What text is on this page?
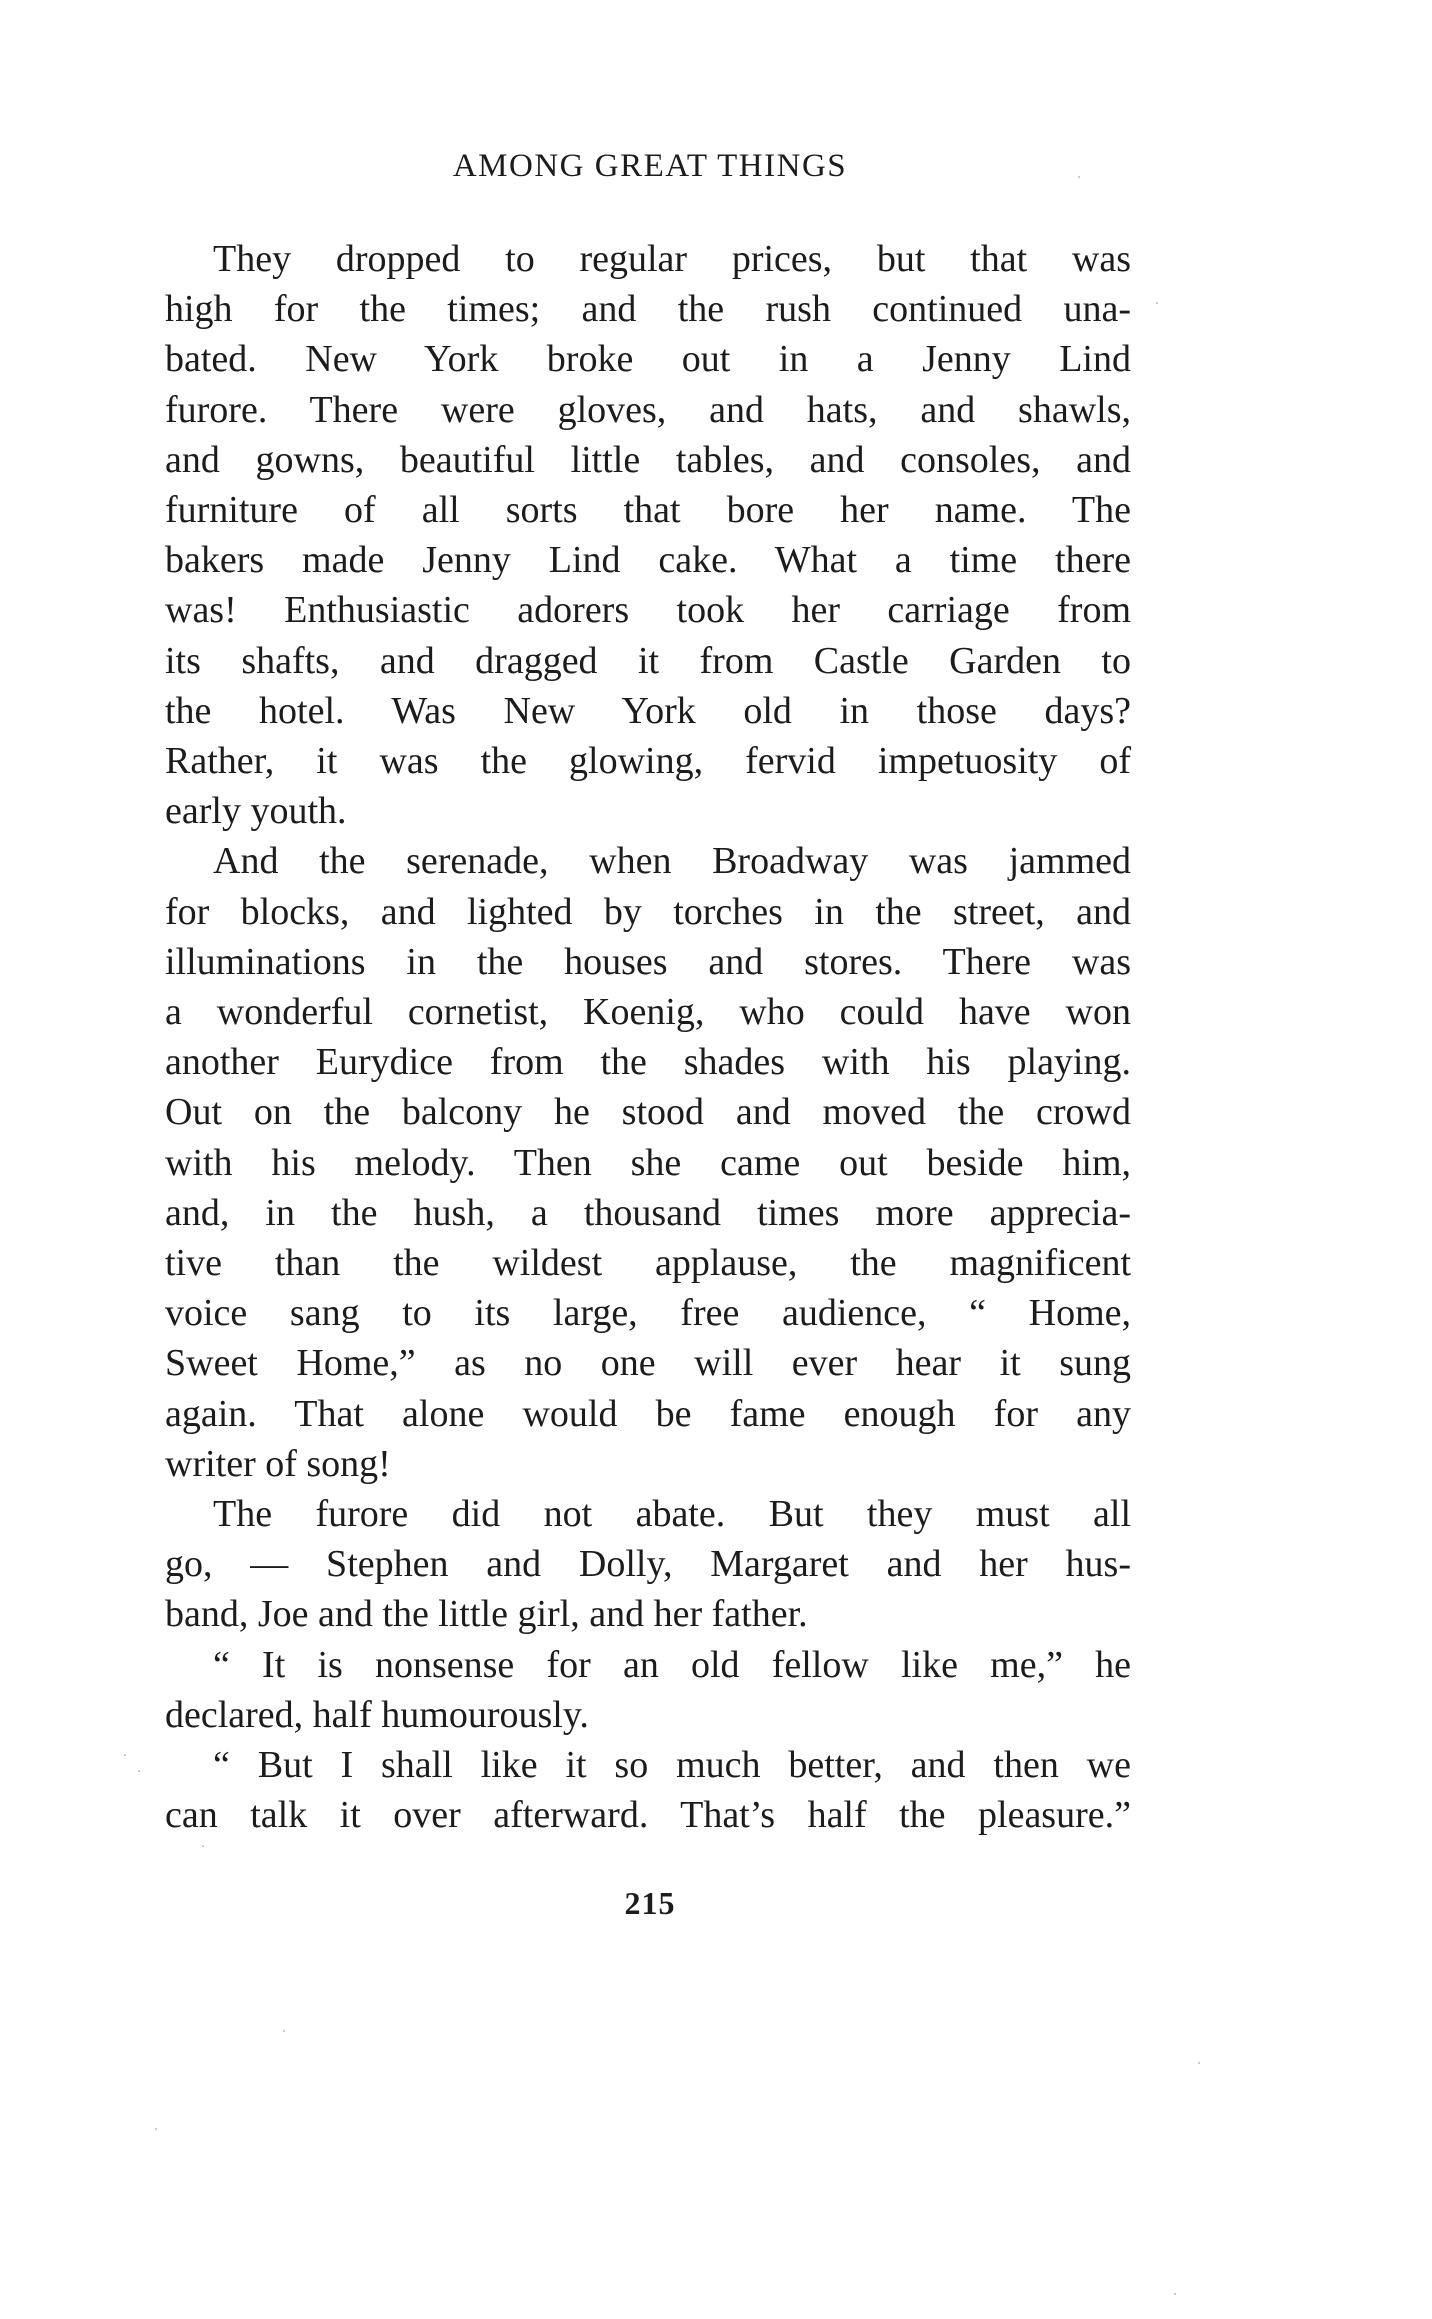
AMONG GREAT THINGS
They dropped to regular prices, but that was
high for the times; and the rush continued una-
bated. New York broke out in a Jenny Lind
furore. There were gloves, and hats, and shawls,
and gowns, beautiful little tables, and consoles, and
furniture of all sorts that bore her name. The
bakers made Jenny Lind cake. What a time there
was! Enthusiastic adorers took her carriage from
its shafts, and dragged it from Castle Garden to
the hotel. Was New York old in those days?
Rather, it was the glowing, fervid impetuosity of
early youth.
And the serenade, when Broadway was jammed
for blocks, and lighted by torches in the street, and
illuminations in the houses and stores. There was
a wonderful cornetist, Koenig, who could have won
another Eurydice from the shades with his playing.
Out on the balcony he stood and moved the crowd
with his melody. Then she came out beside him,
and, in the hush, a thousand times more apprecia-
tive than the wildest applause, the magnificent
voice sang to its large, free audience, “ Home,
Sweet Home,” as no one will ever hear it sung
again. That alone would be fame enough for any
writer of song!
The furore did not abate. But they must all
go, — Stephen and Dolly, Margaret and her hus-
band, Joe and the little girl, and her father.
“ It is nonsense for an old fellow like me,” he
declared, half humourously.
“ But I shall like it so much better, and then we
can talk it over afterward. That’s half the pleasure.”
215
